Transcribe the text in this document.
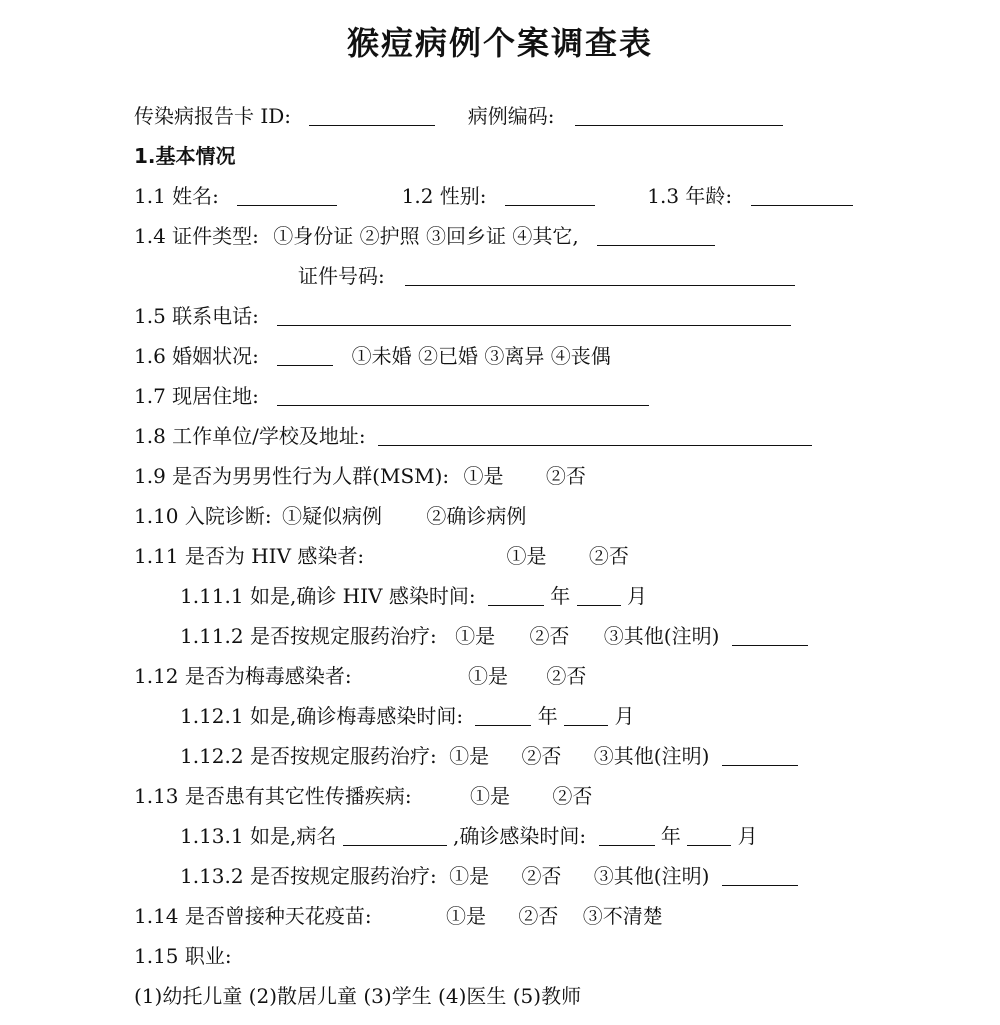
猴痘病例个案调查表
传染病报告卡 ID:	病例编码:
1.基本情况
1.1 姓名:	1.2 性别:	1.3 年龄:
1.4 证件类型: ①身份证 ②护照 ③回乡证 ④其它,
证件号码:
1.5 联系电话:
1.6 婚姻状况:	①未婚 ②已婚 ③离异 ④丧偶
1.7 现居住地:
1.8 工作单位/学校及地址:
1.9 是否为男男性行为人群(MSM): ①是 ②否
1.10 入院诊断: ①疑似病例 ②确诊病例
1.11 是否为 HIV 感染者:	①是 ②否
1.11.1 如是,确诊 HIV 感染时间:	年	月
1.11.2 是否按规定服药治疗: ①是 ②否 ③其他(注明)
1.12 是否为梅毒感染者:	①是 ②否
1.12.1 如是,确诊梅毒感染时间:	年	月
1.12.2 是否按规定服药治疗: ①是 ②否 ③其他(注明)
1.13 是否患有其它性传播疾病:	①是 ②否
1.13.1 如是,病名	,确诊感染时间:	年	月
1.13.2 是否按规定服药治疗: ①是 ②否 ③其他(注明)
1.14 是否曾接种天花疫苗:	①是 ②否 ③不清楚
1.15 职业:
(1)幼托儿童 (2)散居儿童 (3)学生 (4)医生 (5)教师
